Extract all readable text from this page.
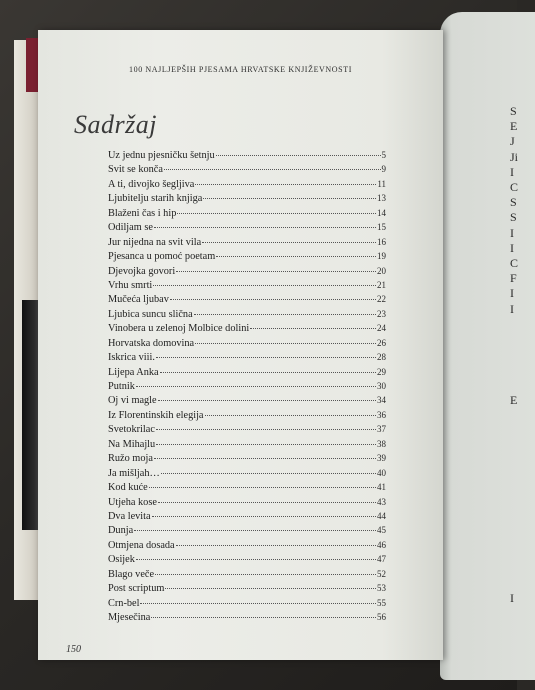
S
E
J
Ji
I
C
S
S
I
I
C
F
I
I

E

I
100 NAJLJEPŠIH PJESAMA HRVATSKE KNJIŽEVNOSTI
Sadržaj
Uz jednu pjesničku šetnju	5
Svit se konča	9
A ti, divojko šegljiva	11
Ljubitelju starih knjiga	13
Blaženi čas i hip	14
Odiljam se	15
Jur nijedna na svit vila	16
Pjesanca u pomoć poetam	19
Djevojka govori	20
Vrhu smrti	21
Mučeća ljubav	22
Ljubica suncu slična	23
Vinobera u zelenoj Molbice dolini	24
Horvatska domovina	26
Iskrica viii.	28
Lijepa Anka	29
Putnik	30
Oj vi magle	34
Iz Florentinskih elegija	36
Svetokrilac	37
Na Mihajlu	38
Ružo moja	39
Ja mišljah…	40
Kod kuće	41
Utjeha kose	43
Dva levita	44
Dunja	45
Otmjena dosada	46
Osijek	47
Blago veče	52
Post scriptum	53
Crn-bel	55
Mjesečina	56
150
